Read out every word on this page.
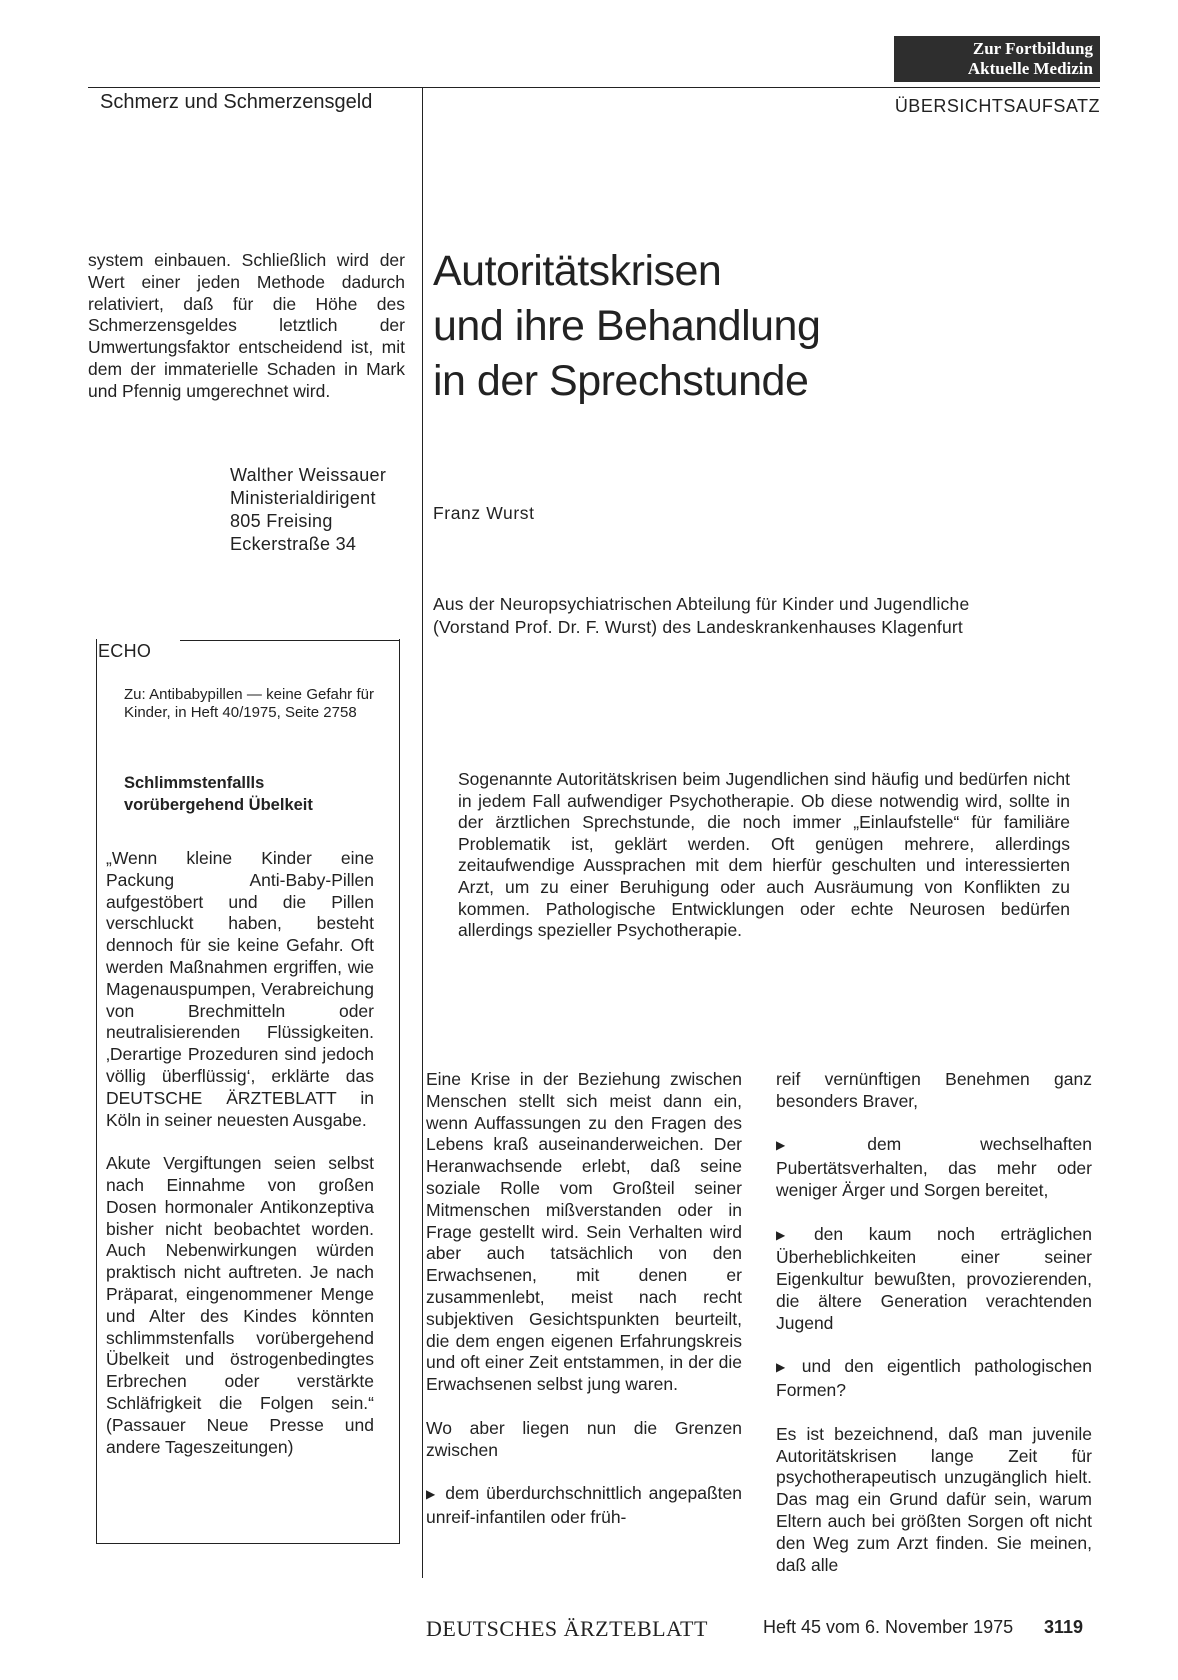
Zur Fortbildung
Aktuelle Medizin
Schmerz und Schmerzensgeld	ÜBERSICHTSAUFSATZ
system einbauen. Schließlich wird der Wert einer jeden Methode dadurch relativiert, daß für die Höhe des Schmerzensgeldes letztlich der Umwertungsfaktor entscheidend ist, mit dem der immaterielle Schaden in Mark und Pfennig umgerechnet wird.
Walther Weissauer
Ministerialdirigent
805 Freising
Eckerstraße 34
Autoritätskrisen
und ihre Behandlung
in der Sprechstunde
Franz Wurst
Aus der Neuropsychiatrischen Abteilung für Kinder und Jugendliche
(Vorstand Prof. Dr. F. Wurst) des Landeskrankenhauses Klagenfurt
ECHO
Zu: Antibabypillen — keine Gefahr für Kinder, in Heft 40/1975, Seite 2758
Schlimmstenfallls
vorübergehend Übelkeit

„Wenn kleine Kinder eine Packung Anti-Baby-Pillen aufgestöbert und die Pillen verschluckt haben, besteht dennoch für sie keine Gefahr. Oft werden Maßnahmen ergriffen, wie Magenauspumpen, Verabreichung von Brechmitteln oder neutralisierenden Flüssigkeiten. ‚Derartige Prozeduren sind jedoch völlig überflüssig‘, erklärte das DEUTSCHE ÄRZTEBLATT in Köln in seiner neuesten Ausgabe.

Akute Vergiftungen seien selbst nach Einnahme von großen Dosen hormonaler Antikonzeptiva bisher nicht beobachtet worden. Auch Nebenwirkungen würden praktisch nicht auftreten. Je nach Präparat, eingenommener Menge und Alter des Kindes könnten schlimmstenfalls vorübergehend Übelkeit und östrogenbedingtes Erbrechen oder verstärkte Schläfrigkeit die Folgen sein.“ (Passauer Neue Presse und andere Tageszeitungen)

Sogenannte Autoritätskrisen beim Jugendlichen sind häufig und bedürfen nicht in jedem Fall aufwendiger Psychotherapie. Ob diese notwendig wird, sollte in der ärztlichen Sprechstunde, die noch immer „Einlaufstelle“ für familiäre Problematik ist, geklärt werden. Oft genügen mehrere, allerdings zeitaufwendige Aussprachen mit dem hierfür geschulten und interessierten Arzt, um zu einer Beruhigung oder auch Ausräumung von Konflikten zu kommen. Pathologische Entwicklungen oder echte Neurosen bedürfen allerdings spezieller Psychotherapie.

Eine Krise in der Beziehung zwischen Menschen stellt sich meist dann ein, wenn Auffassungen zu den Fragen des Lebens kraß auseinanderweichen. Der Heranwachsende erlebt, daß seine soziale Rolle vom Großteil seiner Mitmenschen mißverstanden oder in Frage gestellt wird. Sein Verhalten wird aber auch tatsächlich von den Erwachsenen, mit denen er zusammenlebt, meist nach recht subjektiven Gesichtspunkten beurteilt, die dem engen eigenen Erfahrungskreis und oft einer Zeit entstammen, in der die Erwachsenen selbst jung waren.

Wo aber liegen nun die Grenzen zwischen

▶ dem überdurchschnittlich angepaßten unreif-infantilen oder früh-

reif vernünftigen Benehmen ganz besonders Braver,

▶ dem wechselhaften Pubertätsverhalten, das mehr oder weniger Ärger und Sorgen bereitet,

▶ den kaum noch erträglichen Überheblichkeiten einer seiner Eigenkultur bewußten, provozierenden, die ältere Generation verachtenden Jugend

▶ und den eigentlich pathologischen Formen?

Es ist bezeichnend, daß man juvenile Autoritätskrisen lange Zeit für psychotherapeutisch unzugänglich hielt. Das mag ein Grund dafür sein, warum Eltern auch bei größten Sorgen oft nicht den Weg zum Arzt finden. Sie meinen, daß alle

DEUTSCHES ÄRZTEBLATT	Heft 45 vom 6. November 1975 3119
